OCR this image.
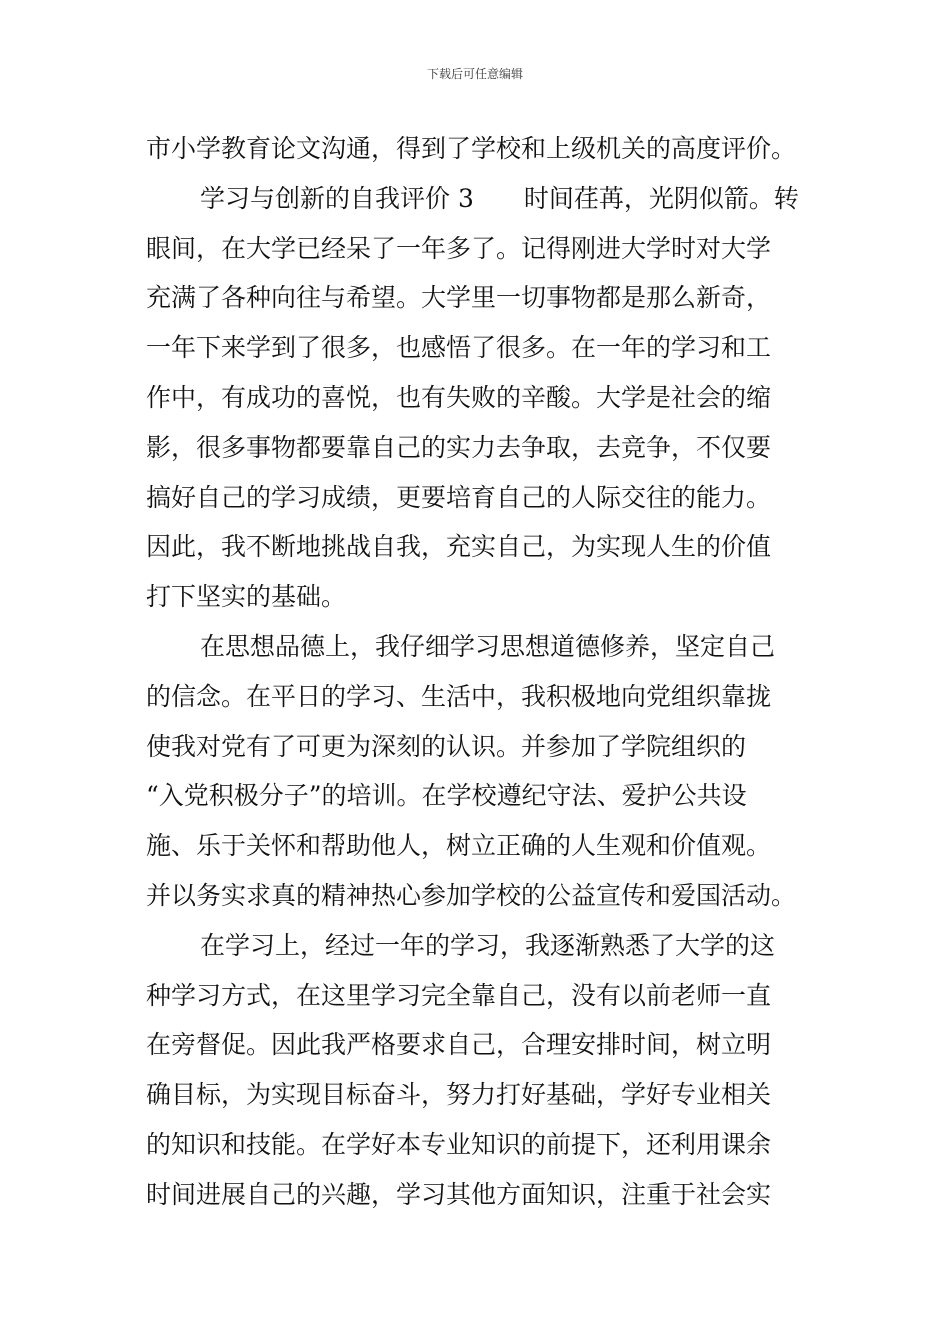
下载后可任意编辑
市小学教育论文沟通，得到了学校和上级机关的高度评价。
学习与创新的自我评价 3　　时间荏苒，光阴似箭。转
眼间，在大学已经呆了一年多了。记得刚进大学时对大学
充满了各种向往与希望。大学里一切事物都是那么新奇，
一年下来学到了很多，也感悟了很多。在一年的学习和工
作中，有成功的喜悦，也有失败的辛酸。大学是社会的缩
影，很多事物都要靠自己的实力去争取，去竞争，不仅要
搞好自己的学习成绩，更要培育自己的人际交往的能力。
因此，我不断地挑战自我，充实自己，为实现人生的价值
打下坚实的基础。
在思想品德上，我仔细学习思想道德修养，坚定自己
的信念。在平日的学习、生活中，我积极地向党组织靠拢
使我对党有了可更为深刻的认识。并参加了学院组织的
“入党积极分子”的培训。在学校遵纪守法、爱护公共设
施、乐于关怀和帮助他人，树立正确的人生观和价值观。
并以务实求真的精神热心参加学校的公益宣传和爱国活动。
在学习上，经过一年的学习，我逐渐熟悉了大学的这
种学习方式，在这里学习完全靠自己，没有以前老师一直
在旁督促。因此我严格要求自己，合理安排时间，树立明
确目标，为实现目标奋斗，努力打好基础，学好专业相关
的知识和技能。在学好本专业知识的前提下，还利用课余
时间进展自己的兴趣，学习其他方面知识，注重于社会实
